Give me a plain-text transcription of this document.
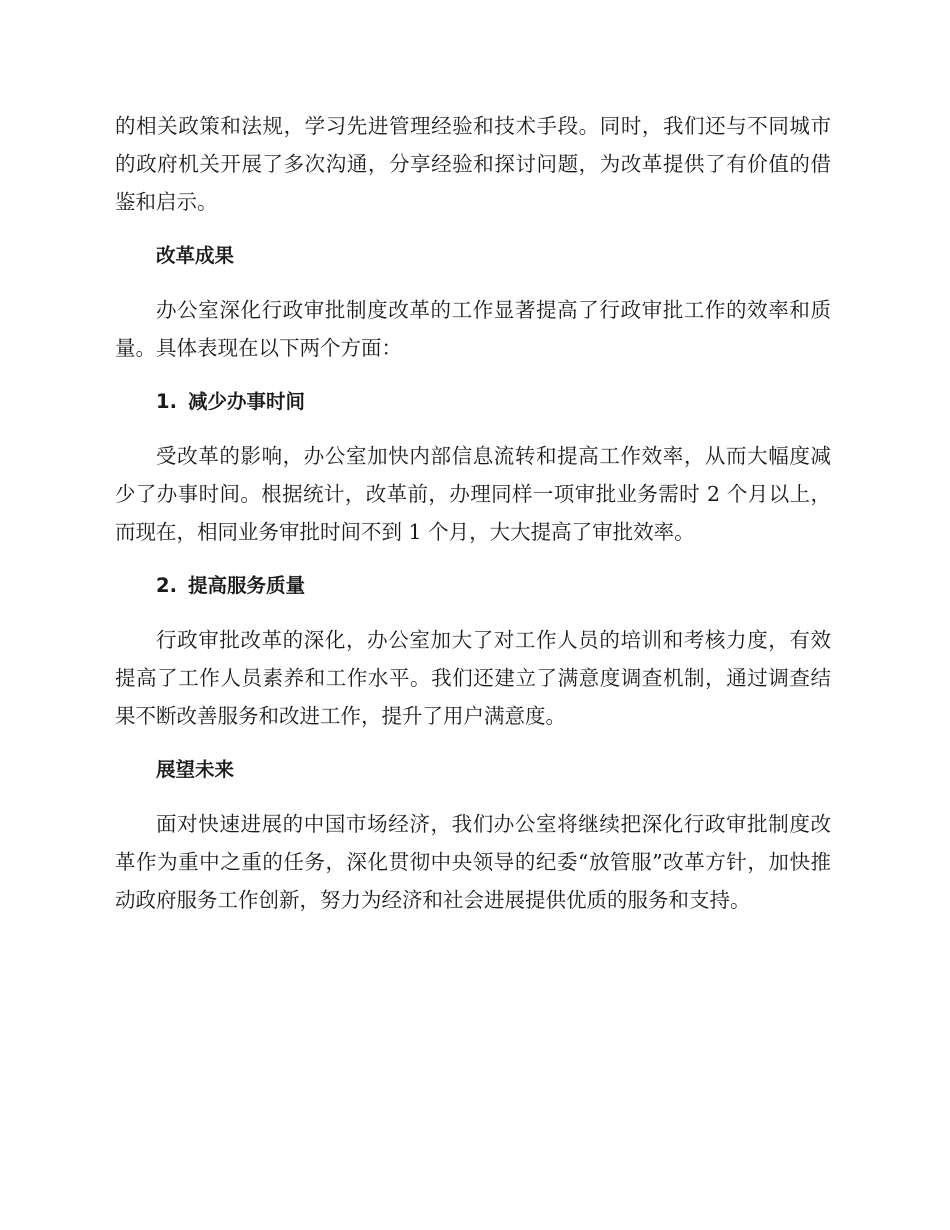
的相关政策和法规，学习先进管理经验和技术手段。同时，我们还与不同城市的政府机关开展了多次沟通，分享经验和探讨问题，为改革提供了有价值的借鉴和启示。

改革成果

办公室深化行政审批制度改革的工作显著提高了行政审批工作的效率和质量。具体表现在以下两个方面：

1. 减少办事时间

受改革的影响，办公室加快内部信息流转和提高工作效率，从而大幅度减少了办事时间。根据统计，改革前，办理同样一项审批业务需时 2 个月以上，而现在，相同业务审批时间不到 1 个月，大大提高了审批效率。

2. 提高服务质量

行政审批改革的深化，办公室加大了对工作人员的培训和考核力度，有效提高了工作人员素养和工作水平。我们还建立了满意度调查机制，通过调查结果不断改善服务和改进工作，提升了用户满意度。

展望未来

面对快速进展的中国市场经济，我们办公室将继续把深化行政审批制度改革作为重中之重的任务，深化贯彻中央领导的纪委“放管服”改革方针，加快推动政府服务工作创新，努力为经济和社会进展提供优质的服务和支持。
